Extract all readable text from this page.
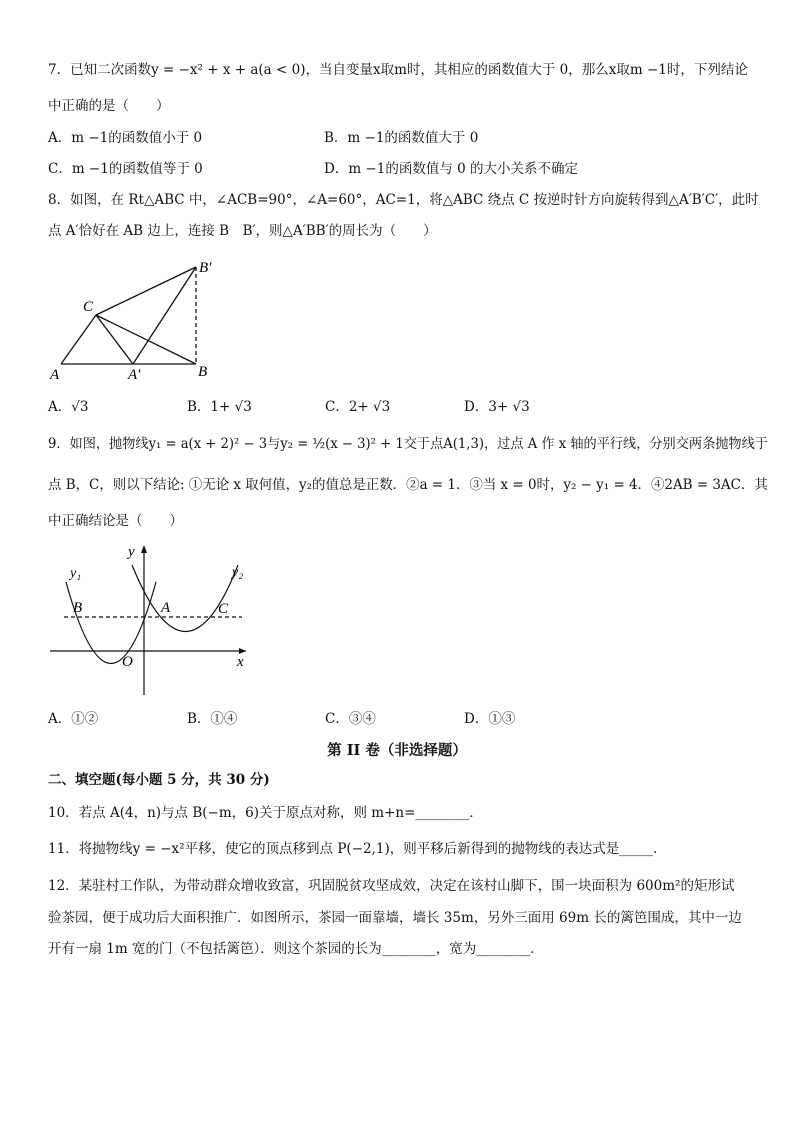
7．已知二次函数y = −x² + x + a(a < 0)，当自变量x取m时，其相应的函数值大于 0，那么x取m −1时，下列结论
中正确的是（　　）
A．m −1的函数值小于 0	B．m −1的函数值大于 0
C．m −1的函数值等于 0	D．m −1的函数值与 0 的大小关系不确定
8．如图，在 Rt△ABC 中，∠ACB=90°，∠A=60°，AC=1，将△ABC 绕点 C 按逆时针方向旋转得到△A′B′C′，此时
点 A′恰好在 AB 边上，连接 B　B′，则△A′BB′的周长为（　　）
A	A′	B
B′
C
A．√3	B．1+ √3	C．2+ √3	D．3+ √3
9．如图，抛物线y₁ = a(x + 2)² − 3与y₂ = ½(x − 3)² + 1交于点A(1,3)，过点 A 作 x 轴的平行线，分别交两条抛物线于
点 B，C，则以下结论: ①无论 x 取何值，y₂的值总是正数．②a = 1．③当 x = 0时，y₂ − y₁ = 4．④2AB = 3AC．其
中正确结论是（　　）
y₁	y₂
y
x
O
B	A	C
A．①②	B．①④	C．③④	D．①③
第 II 卷（非选择题）
二、填空题(每小题 5 分，共 30 分)
10．若点 A(4，n)与点 B(−m，6)关于原点对称，则 m+n=________．
11．将抛物线y = −x²平移，使它的顶点移到点 P(−2,1)，则平移后新得到的抛物线的表达式是_____.
12．某驻村工作队，为带动群众增收致富，巩固脱贫攻坚成效，决定在该村山脚下，围一块面积为 600m²的矩形试
验茶园，便于成功后大面积推广．如图所示，茶园一面靠墙，墙长 35m，另外三面用 69m 长的篱笆围成，其中一边
开有一扇 1m 宽的门（不包括篱笆）．则这个茶园的长为________，宽为________．
